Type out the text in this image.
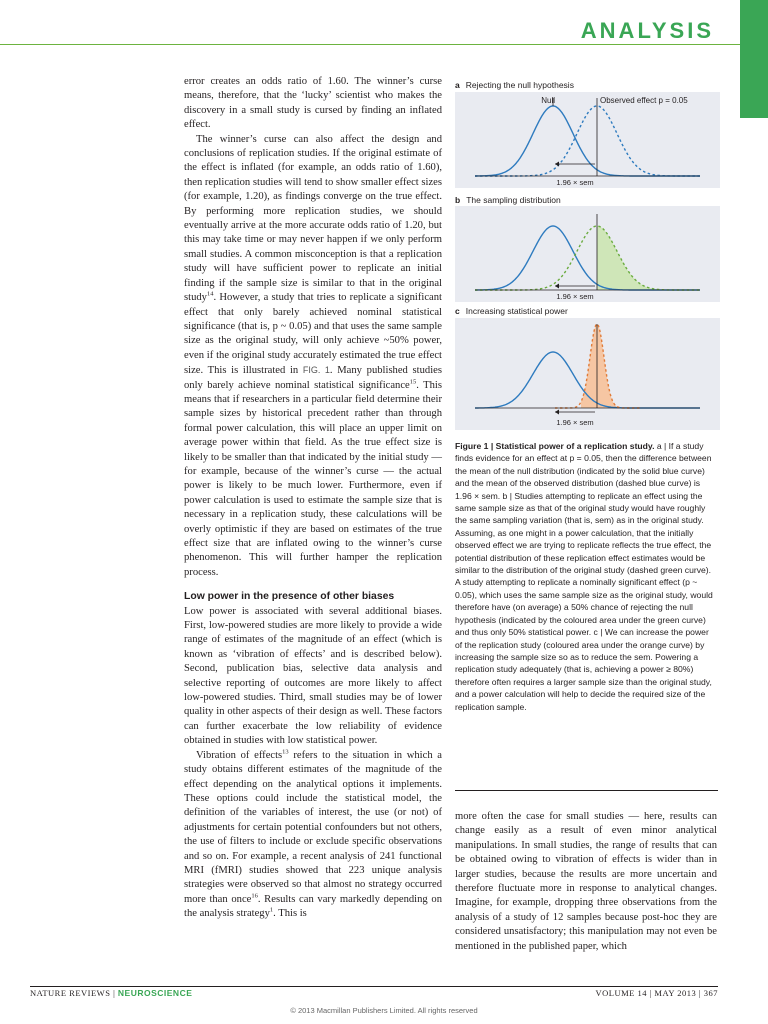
ANALYSIS

error creates an odds ratio of 1.60. The winner’s curse means, therefore, that the ‘lucky’ scientist who makes the discovery in a small study is cursed by finding an inflated effect.

The winner’s curse can also affect the design and conclusions of replication studies. If the original estimate of the effect is inflated (for example, an odds ratio of 1.60), then replication studies will tend to show smaller effect sizes (for example, 1.20), as findings converge on the true effect. By performing more replication studies, we should eventually arrive at the more accurate odds ratio of 1.20, but this may take time or may never happen if we only perform small studies. A common misconception is that a replication study will have sufficient power to replicate an initial finding if the sample size is similar to that in the original study$^{14}$. However, a study that tries to replicate a significant effect that only barely achieved nominal statistical significance (that is, p ~ 0.05) and that uses the same sample size as the original study, will only achieve ~50% power, even if the original study accurately estimated the true effect size. This is illustrated in FIG. 1. Many published studies only barely achieve nominal statistical significance$^{15}$. This means that if researchers in a particular field determine their sample sizes by historical precedent rather than through formal power calculation, this will place an upper limit on average power within that field. As the true effect size is likely to be smaller than that indicated by the initial study — for example, because of the winner’s curse — the actual power is likely to be much lower. Furthermore, even if power calculation is used to estimate the sample size that is necessary in a replication study, these calculations will be overly optimistic if they are based on estimates of the true effect size that are inflated owing to the winner’s curse phenomenon. This will further hamper the replication process.

Low power in the presence of other biases

Low power is associated with several additional biases. First, low-powered studies are more likely to provide a wide range of estimates of the magnitude of an effect (which is known as ‘vibration of effects’ and is described below). Second, publication bias, selective data analysis and selective reporting of outcomes are more likely to affect low-powered studies. Third, small studies may be of lower quality in other aspects of their design as well. These factors can further exacerbate the low reliability of evidence obtained in studies with low statistical power.

Vibration of effects$^{13}$ refers to the situation in which a study obtains different estimates of the magnitude of the effect depending on the analytical options it implements. These options could include the statistical model, the definition of the variables of interest, the use (or not) of adjustments for certain potential confounders but not others, the use of filters to include or exclude specific observations and so on. For example, a recent analysis of 241 functional MRI (fMRI) studies showed that 223 unique analysis strategies were observed so that almost no strategy occurred more than once$^{16}$. Results can vary markedly depending on the analysis strategy$^1$. This is

a Rejecting the null hypothesis
b The sampling distribution
c Increasing statistical power
Null	Observed effect p = 0.05
1.96 × sem
1.96 × sem
1.96 × sem
Figure 1 | Statistical power of a replication study. a | If a study finds evidence for an effect at p = 0.05, then the difference between the mean of the null distribution (indicated by the solid blue curve) and the mean of the observed distribution (dashed blue curve) is 1.96 × sem. b | Studies attempting to replicate an effect using the same sample size as that of the original study would have roughly the same sampling variation (that is, sem) as in the original study. Assuming, as one might in a power calculation, that the initially observed effect we are trying to replicate reflects the true effect, the potential distribution of these replication effect estimates would be similar to the distribution of the original study (dashed green curve). A study attempting to replicate a nominally significant effect (p ~ 0.05), which uses the same sample size as the original study, would therefore have (on average) a 50% chance of rejecting the null hypothesis (indicated by the coloured area under the green curve) and thus only 50% statistical power. c | We can increase the power of the replication study (coloured area under the orange curve) by increasing the sample size so as to reduce the sem. Powering a replication study adequately (that is, achieving a power ≥ 80%) therefore often requires a larger sample size than the original study, and a power calculation will help to decide the required size of the replication sample.

more often the case for small studies — here, results can change easily as a result of even minor analytical manipulations. In small studies, the range of results that can be obtained owing to vibration of effects is wider than in larger studies, because the results are more uncertain and therefore fluctuate more in response to analytical changes. Imagine, for example, dropping three observations from the analysis of a study of 12 samples because post-hoc they are considered unsatisfactory; this manipulation may not even be mentioned in the published paper, which

NATURE REVIEWS | NEUROSCIENCE	VOLUME 14 | MAY 2013 | 367
© 2013 Macmillan Publishers Limited. All rights reserved
